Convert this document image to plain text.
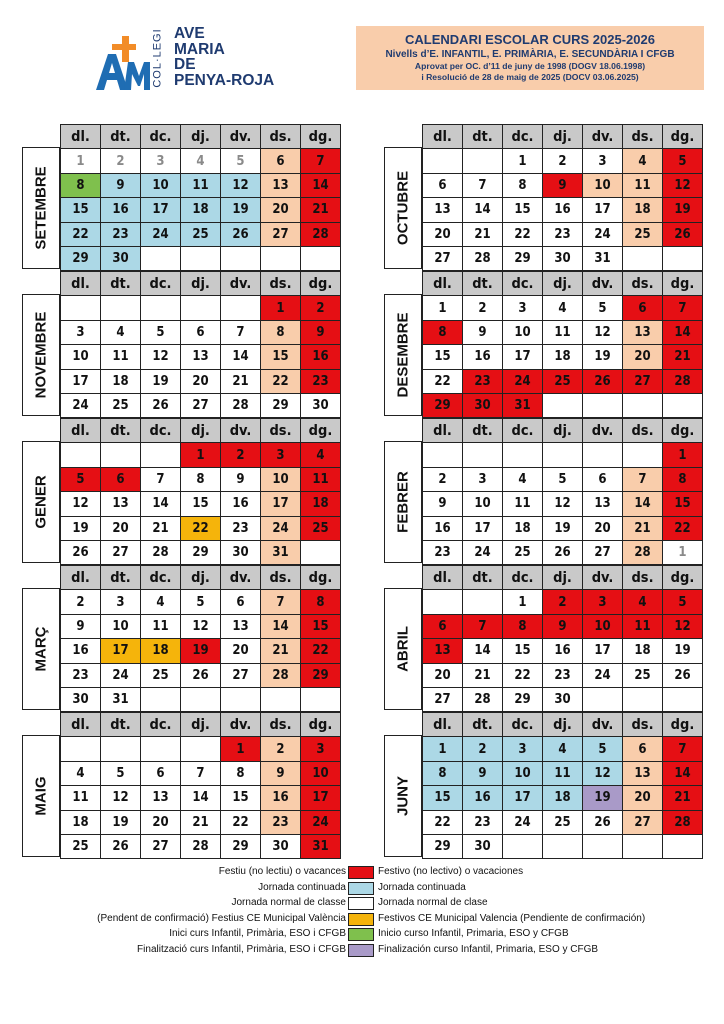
COL·LEGI AVE
MARIA
DE
PENYA-ROJA
CALENDARI ESCOLAR CURS 2025-2026
Nivells d’E. INFANTIL, E. PRIMÀRIA, E. SECUNDÀRIA I CFGB
Aprovat per OC. d’11 de juny de 1998 (DOGV 18.06.1998)
i Resolució de 28 de maig de 2025 (DOCV 03.06.2025)
SETEMBRE
dl.	dt.	dc.	dj.	dv.	ds.	dg.
1	2	3	4	5	6	7
8	9	10	11	12	13	14
15	16	17	18	19	20	21
22	23	24	25	26	27	28
29	30					
OCTUBRE
dl.	dt.	dc.	dj.	dv.	ds.	dg.
		1	2	3	4	5
6	7	8	9	10	11	12
13	14	15	16	17	18	19
20	21	22	23	24	25	26
27	28	29	30	31		
NOVEMBRE
dl.	dt.	dc.	dj.	dv.	ds.	dg.
					1	2
3	4	5	6	7	8	9
10	11	12	13	14	15	16
17	18	19	20	21	22	23
24	25	26	27	28	29	30
DESEMBRE
dl.	dt.	dc.	dj.	dv.	ds.	dg.
1	2	3	4	5	6	7
8	9	10	11	12	13	14
15	16	17	18	19	20	21
22	23	24	25	26	27	28
29	30	31				
GENER
dl.	dt.	dc.	dj.	dv.	ds.	dg.
			1	2	3	4
5	6	7	8	9	10	11
12	13	14	15	16	17	18
19	20	21	22	23	24	25
26	27	28	29	30	31	
FEBRER
dl.	dt.	dc.	dj.	dv.	ds.	dg.
						1
2	3	4	5	6	7	8
9	10	11	12	13	14	15
16	17	18	19	20	21	22
23	24	25	26	27	28	1
MARÇ
dl.	dt.	dc.	dj.	dv.	ds.	dg.
2	3	4	5	6	7	8
9	10	11	12	13	14	15
16	17	18	19	20	21	22
23	24	25	26	27	28	29
30	31					
ABRIL
dl.	dt.	dc.	dj.	dv.	ds.	dg.
		1	2	3	4	5
6	7	8	9	10	11	12
13	14	15	16	17	18	19
20	21	22	23	24	25	26
27	28	29	30			
MAIG
dl.	dt.	dc.	dj.	dv.	ds.	dg.
				1	2	3
4	5	6	7	8	9	10
11	12	13	14	15	16	17
18	19	20	21	22	23	24
25	26	27	28	29	30	31
JUNY
dl.	dt.	dc.	dj.	dv.	ds.	dg.
1	2	3	4	5	6	7
8	9	10	11	12	13	14
15	16	17	18	19	20	21
22	23	24	25	26	27	28
29	30					
Festiu (no lectiu) o vacances	Festivo (no lectivo) o vacaciones
Jornada continuada	Jornada continuada
Jornada normal de classe	Jornada normal de clase
(Pendent de confirmació) Festius CE Municipal València	Festivos CE Municipal Valencia (Pendiente de confirmación)
Inici curs Infantil, Primària, ESO i CFGB	Inicio curso Infantil, Primaria, ESO y CFGB
Finalització curs Infantil, Primària, ESO i CFGB	Finalización curso Infantil, Primaria, ESO y CFGB
